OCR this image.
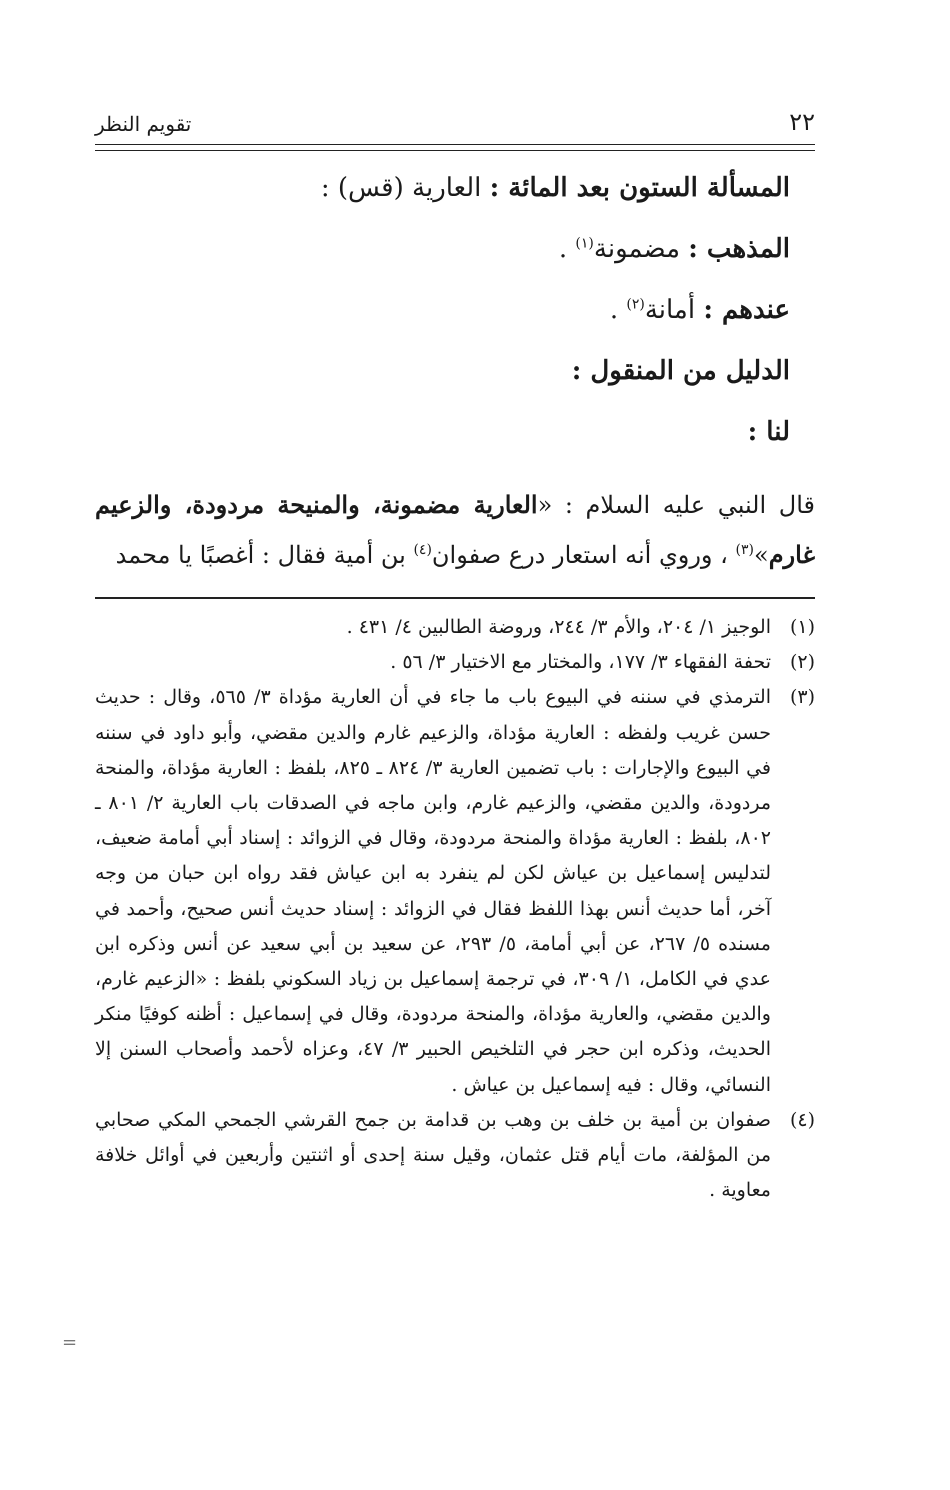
٢٢
تقويم النظر
المسألة الستون بعد المائة : العارية (قس) :
المذهب : مضمونة$^{(١)}$ .
عندهم : أمانة$^{(٢)}$ .
الدليل من المنقول :
لنا :
قال النبي عليه السلام : «العارية مضمونة، والمنيحة مردودة، والزعيم غارم»$^{(٣)}$ ، وروي أنه استعار درع صفوان$^{(٤)}$ بن أمية فقال : أغصبًا يا محمد
(١)
الوجيز ١/ ٢٠٤، والأم ٣/ ٢٤٤، وروضة الطالبين ٤/ ٤٣١ .
(٢)
تحفة الفقهاء ٣/ ١٧٧، والمختار مع الاختيار ٣/ ٥٦ .
(٣)
الترمذي في سننه في البيوع باب ما جاء في أن العارية مؤداة ٣/ ٥٦٥، وقال : حديث حسن غريب ولفظه : العارية مؤداة، والزعيم غارم والدين مقضي، وأبو داود في سننه في البيوع والإجارات : باب تضمين العارية ٣/ ٨٢٤ ـ ٨٢٥، بلفظ : العارية مؤداة، والمنحة مردودة، والدين مقضي، والزعيم غارم، وابن ماجه في الصدقات باب العارية ٢/ ٨٠١ ـ ٨٠٢، بلفظ : العارية مؤداة والمنحة مردودة، وقال في الزوائد : إسناد أبي أمامة ضعيف، لتدليس إسماعيل بن عياش لكن لم ينفرد به ابن عياش فقد رواه ابن حبان من وجه آخر، أما حديث أنس بهذا اللفظ فقال في الزوائد : إسناد حديث أنس صحيح، وأحمد في مسنده ٥/ ٢٦٧، عن أبي أمامة، ٥/ ٢٩٣، عن سعيد بن أبي سعيد عن أنس وذكره ابن عدي في الكامل، ١/ ٣٠٩، في ترجمة إسماعيل بن زياد السكوني بلفظ : «الزعيم غارم، والدين مقضي، والعارية مؤداة، والمنحة مردودة، وقال في إسماعيل : أظنه كوفيًا منكر الحديث، وذكره ابن حجر في التلخيص الحبير ٣/ ٤٧، وعزاه لأحمد وأصحاب السنن إلا النسائي، وقال : فيه إسماعيل بن عياش .
(٤)
صفوان بن أمية بن خلف بن وهب بن قدامة بن جمح القرشي الجمحي المكي صحابي من المؤلفة، مات أيام قتل عثمان، وقيل سنة إحدى أو اثنتين وأربعين في أوائل خلافة معاوية .
=
